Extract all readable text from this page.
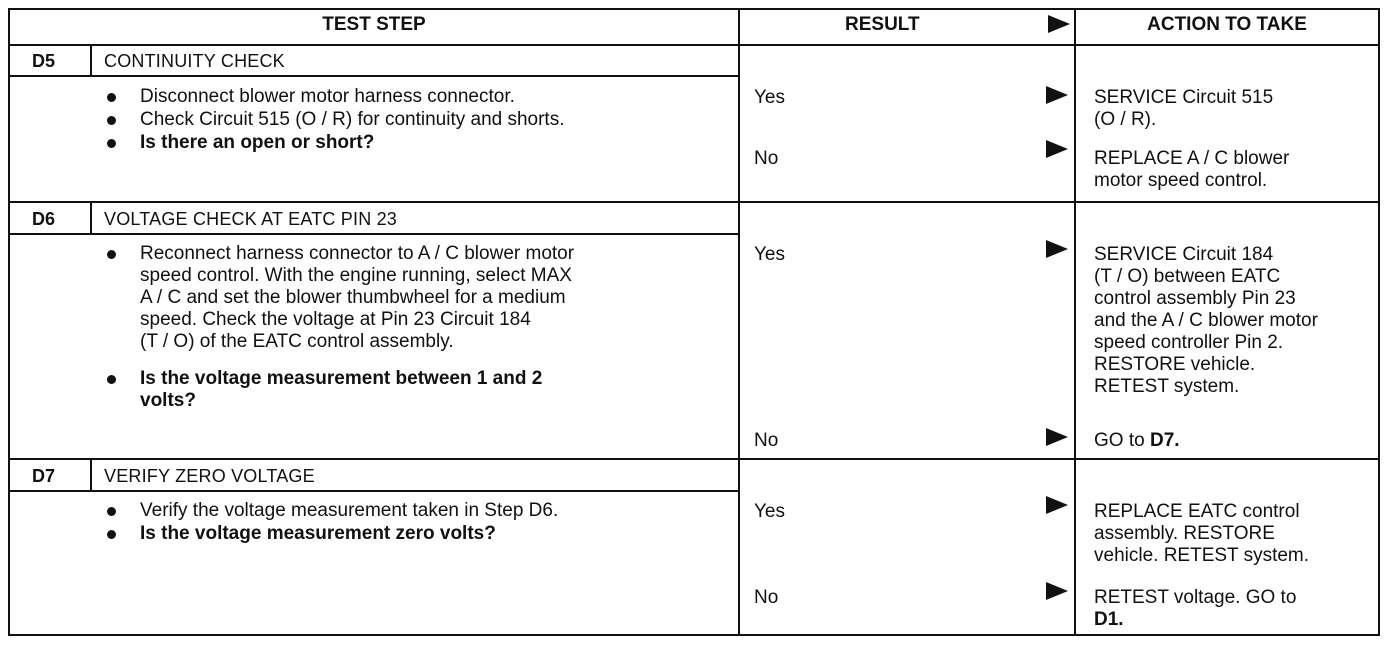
TEST STEP	RESULT	ACTION TO TAKE
D5	CONTINUITY CHECK
Disconnect blower motor harness connector.
Check Circuit 515 (O / R) for continuity and shorts.
Is there an open or short?
Yes	SERVICE Circuit 515
(O / R).
No	REPLACE A / C blower
motor speed control.
D6	VOLTAGE CHECK AT EATC PIN 23
Reconnect harness connector to A / C blower motor
speed control. With the engine running, select MAX
A / C and set the blower thumbwheel for a medium
speed. Check the voltage at Pin 23 Circuit 184
(T / O) of the EATC control assembly.
Is the voltage measurement between 1 and 2
volts?
Yes	SERVICE Circuit 184
(T / O) between EATC
control assembly Pin 23
and the A / C blower motor
speed controller Pin 2.
RESTORE vehicle.
RETEST system.
No	GO to D7.
D7	VERIFY ZERO VOLTAGE
Verify the voltage measurement taken in Step D6.
Is the voltage measurement zero volts?
Yes	REPLACE EATC control
assembly. RESTORE
vehicle. RETEST system.
No	RETEST voltage. GO to
D1.
